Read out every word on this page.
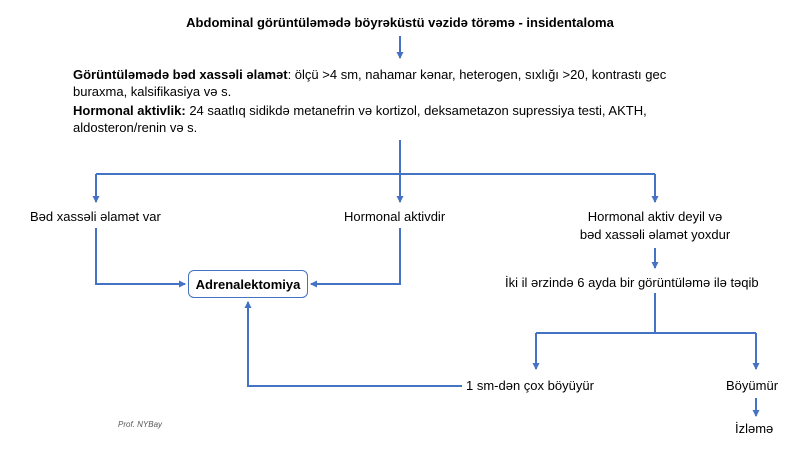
Abdominal görüntüləmədə böyrəküstü vəzidə törəmə - insidentaloma
Görüntüləmədə bəd xassəli əlamət: ölçü >4 sm, nahamar kənar, heterogen, sıxlığı >20, kontrastı gec buraxma, kalsifikasiya və s.
Hormonal aktivlik: 24 saatlıq sidikdə metanefrin və kortizol, deksametazon supressiya testi, AKTH, aldosteron/renin və s.
Bəd xassəli əlamət var	Hormonal aktivdir	Hormonal aktiv deyil və
bəd xassəli əlamət yoxdur
Adrenalektomiya	İki il ərzində 6 ayda bir görüntüləmə ilə təqib
1 sm-dən çox böyüyür	Böyümür
İzləmə
Prof. NYBay
